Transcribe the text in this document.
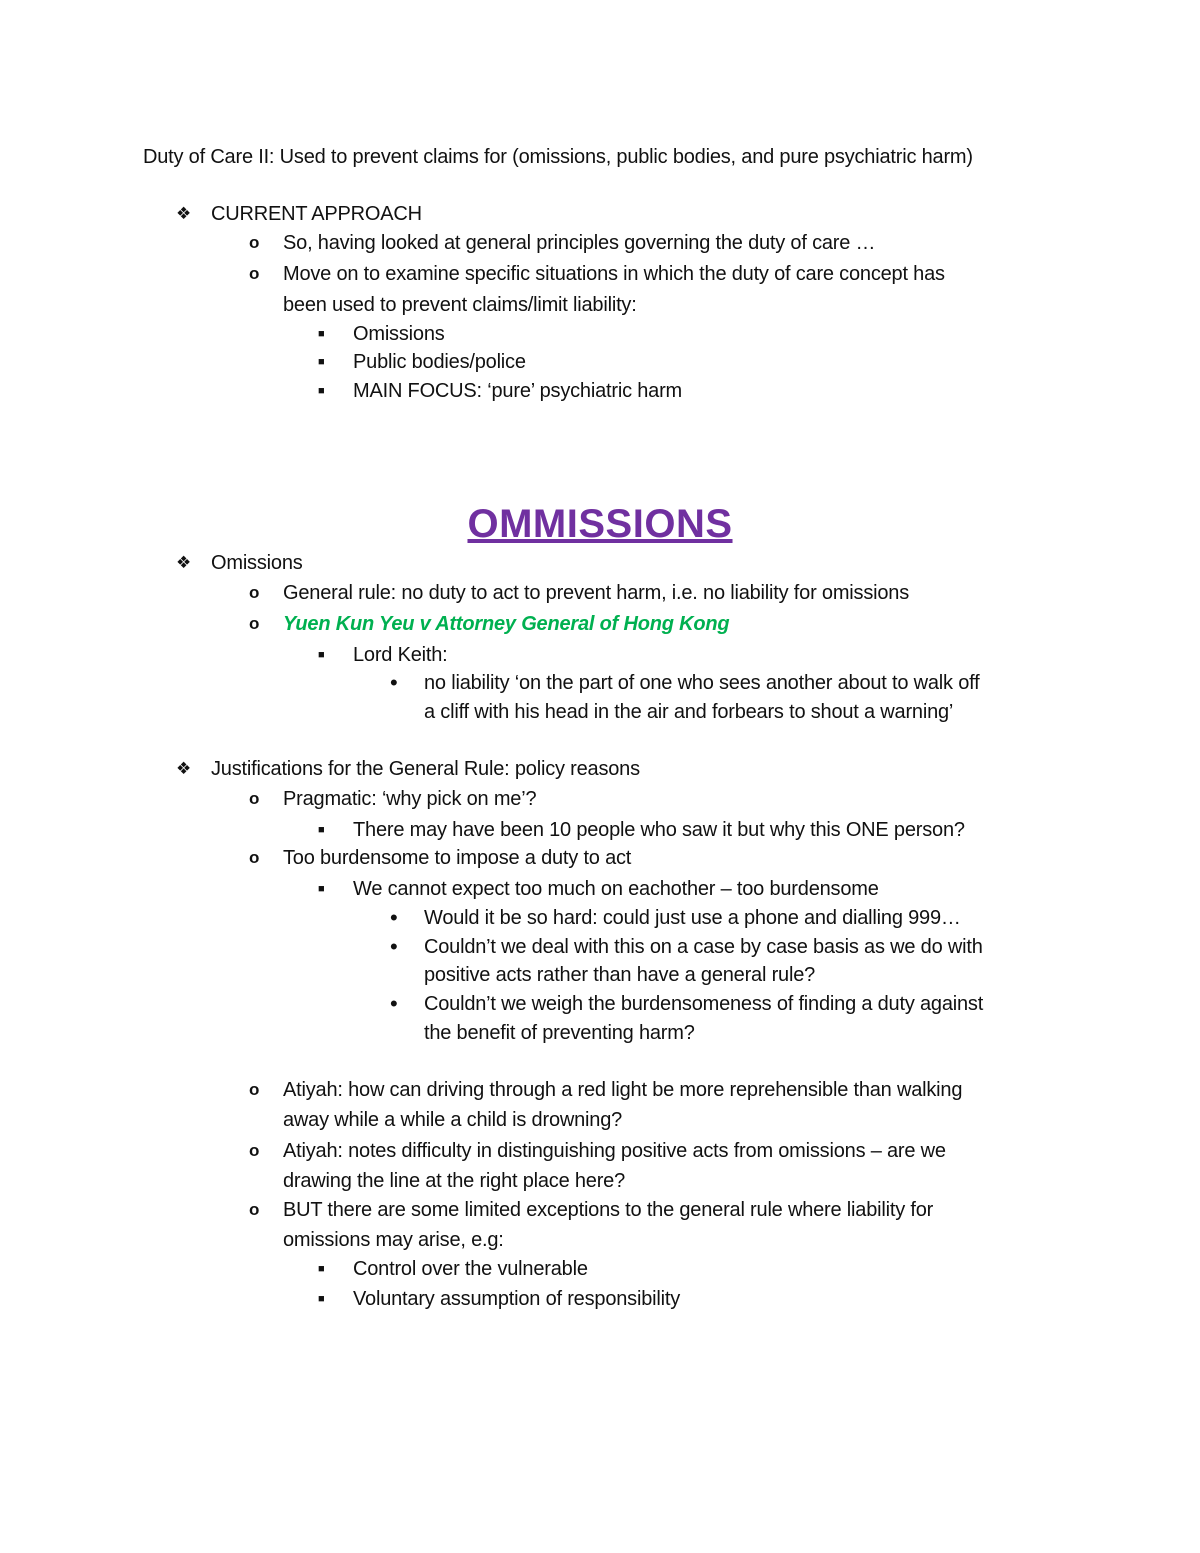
Duty of Care II: Used to prevent claims for (omissions, public bodies, and pure psychiatric harm)
❖ CURRENT APPROACH
o So, having looked at general principles governing the duty of care …
o Move on to examine specific situations in which the duty of care concept has
been used to prevent claims/limit liability:
■ Omissions
■ Public bodies/police
■ MAIN FOCUS: ‘pure’ psychiatric harm
OMMISSIONS
❖ Omissions
o General rule: no duty to act to prevent harm, i.e. no liability for omissions
o Yuen Kun Yeu v Attorney General of Hong Kong
■ Lord Keith:
• no liability ‘on the part of one who sees another about to walk off
a cliff with his head in the air and forbears to shout a warning’
❖ Justifications for the General Rule: policy reasons
o Pragmatic: ‘why pick on me’?
■ There may have been 10 people who saw it but why this ONE person?
o Too burdensome to impose a duty to act
■ We cannot expect too much on eachother – too burdensome
• Would it be so hard: could just use a phone and dialling 999…
• Couldn’t we deal with this on a case by case basis as we do with
positive acts rather than have a general rule?
• Couldn’t we weigh the burdensomeness of finding a duty against
the benefit of preventing harm?
o Atiyah: how can driving through a red light be more reprehensible than walking
away while a while a child is drowning?
o Atiyah: notes difficulty in distinguishing positive acts from omissions – are we
drawing the line at the right place here?
o BUT there are some limited exceptions to the general rule where liability for
omissions may arise, e.g:
■ Control over the vulnerable
■ Voluntary assumption of responsibility
